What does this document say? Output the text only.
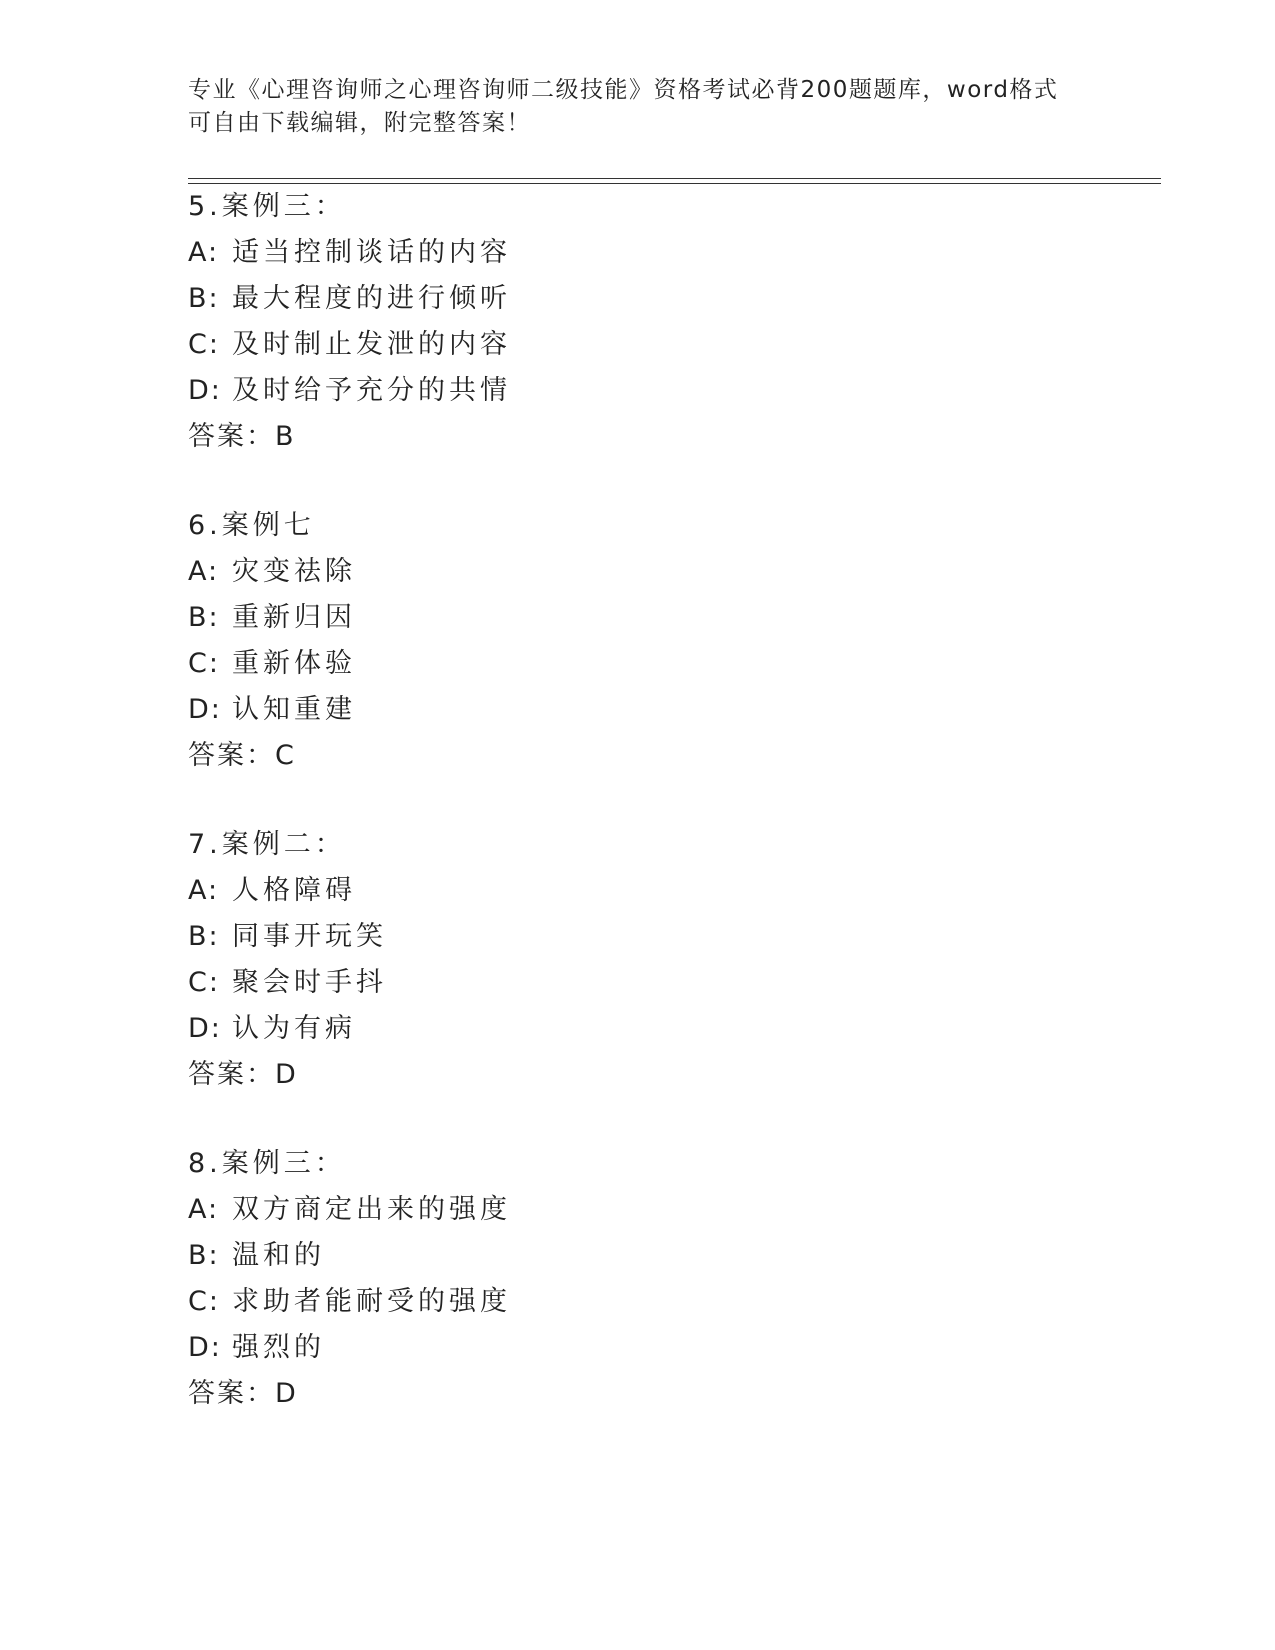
专业《心理咨询师之心理咨询师二级技能》资格考试必背200题题库，word格式
可自由下载编辑，附完整答案！
5.案例三：
A: 适当控制谈话的内容
B: 最大程度的进行倾听
C: 及时制止发泄的内容
D: 及时给予充分的共情
答案：B
6.案例七
A: 灾变祛除
B: 重新归因
C: 重新体验
D: 认知重建
答案：C
7.案例二：
A: 人格障碍
B: 同事开玩笑
C: 聚会时手抖
D: 认为有病
答案：D
8.案例三：
A: 双方商定出来的强度
B: 温和的
C: 求助者能耐受的强度
D: 强烈的
答案：D
